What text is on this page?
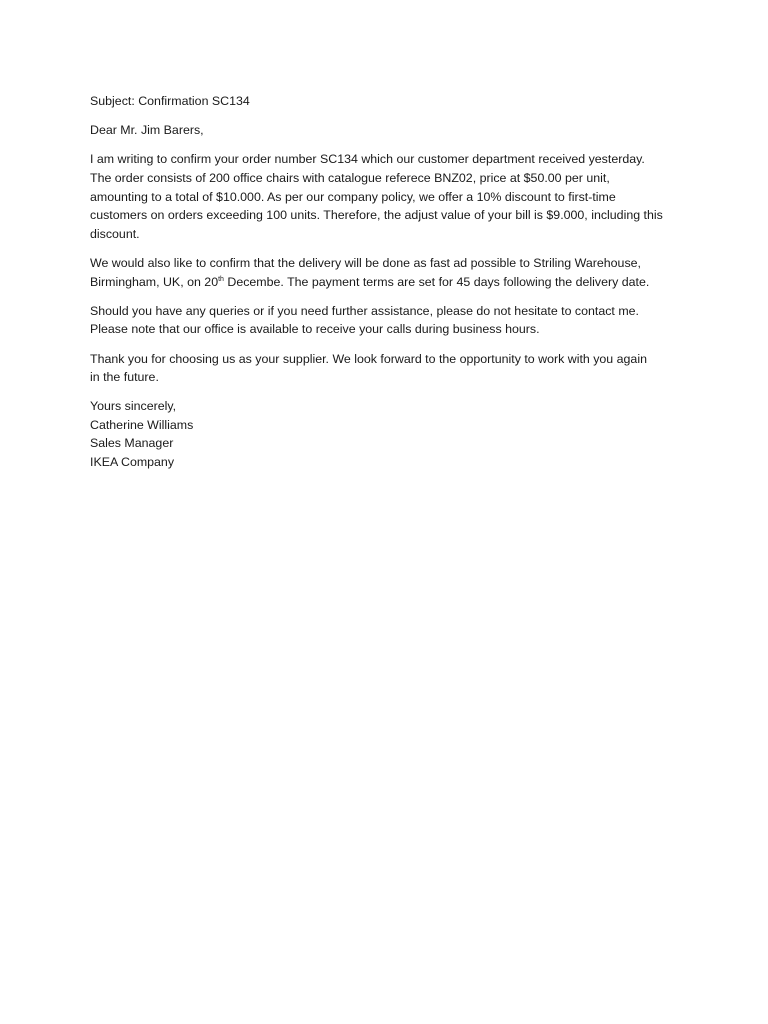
Subject: Confirmation SC134

Dear Mr. Jim Barers,

I am writing to confirm your order number SC134 which our customer department received yesterday.
The order consists of 200 office chairs with catalogue referece BNZ02, price at $50.00 per unit,
amounting to a total of $10.000. As per our company policy, we offer a 10% discount to first-time
customers on orders exceeding 100 units. Therefore, the adjust value of your bill is $9.000, including this
discount.

We would also like to confirm that the delivery will be done as fast ad possible to Striling Warehouse,
Birmingham, UK, on 20th Decembe. The payment terms are set for 45 days following the delivery date.

Should you have any queries or if you need further assistance, please do not hesitate to contact me.
Please note that our office is available to receive your calls during business hours.

Thank you for choosing us as your supplier. We look forward to the opportunity to work with you again
in the future.

Yours sincerely,
Catherine Williams
Sales Manager
IKEA Company
